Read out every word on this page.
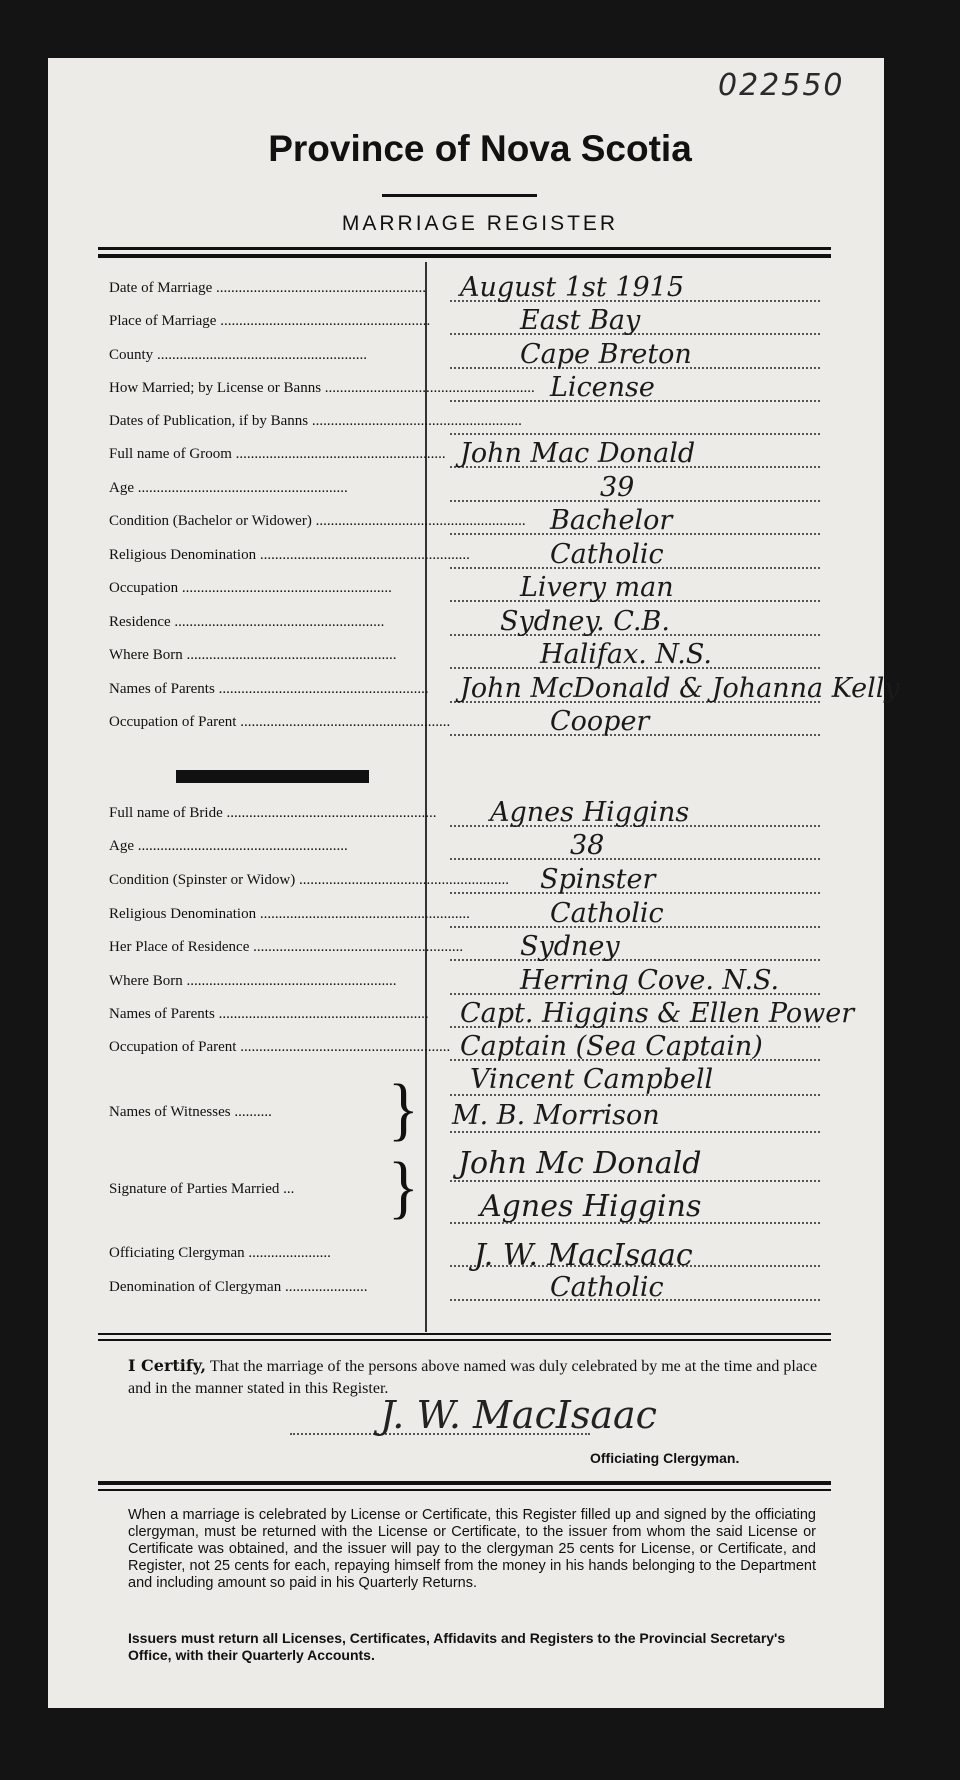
022550
Province of Nova Scotia
MARRIAGE REGISTER
Date of Marriage ........................................................ August 1st 1915
Place of Marriage ........................................................	East Bay
County ........................................................	Cape Breton
How Married; by License or Banns ........................................................ License
Dates of Publication, if by Banns ........................................................
Full name of Groom ........................................................ John Mac Donald
Age ........................................................	39
Condition (Bachelor or Widower) ........................................................ Bachelor
Religious Denomination ........................................................	Catholic
Occupation ........................................................	Livery man
Residence ........................................................	Sydney. C.B.
Where Born ........................................................	Halifax. N.S.
Names of Parents ........................................................ John McDonald & Johanna Kelly
Occupation of Parent ........................................................	Cooper
Full name of Bride ........................................................ Agnes Higgins
Age ........................................................	38
Condition (Spinster or Widow) ........................................................ Spinster
Religious Denomination ........................................................	Catholic
Her Place of Residence ........................................................ Sydney
Where Born ........................................................	Herring Cove. N.S.
Names of Parents ........................................................ Capt. Higgins & Ellen Power
Occupation of Parent ........................................................ Captain (Sea Captain)
Names of Witnesses ..........	} Vincent Campbell
M. B. Morrison
Signature of Parties Married ...	} John Mc Donald
Agnes Higgins
Officiating Clergyman ......................	J. W. MacIsaac
Denomination of Clergyman ......................	Catholic
I Certify, That the marriage of the persons above named was duly celebrated by me at the time and place and in the manner stated in this Register.
J. W. MacIsaac
Officiating Clergyman.
When a marriage is celebrated by License or Certificate, this Register filled up and signed by the officiating clergyman, must be returned with the License or Certificate, to the issuer from whom the said License or Certificate was obtained, and the issuer will pay to the clergyman 25 cents for License, or Certificate, and Register, not 25 cents for each, repaying himself from the money in his hands belonging to the Department and including amount so paid in his Quarterly Returns.
Issuers must return all Licenses, Certificates, Affidavits and Registers to the Provincial Secretary's Office, with their Quarterly Accounts.
